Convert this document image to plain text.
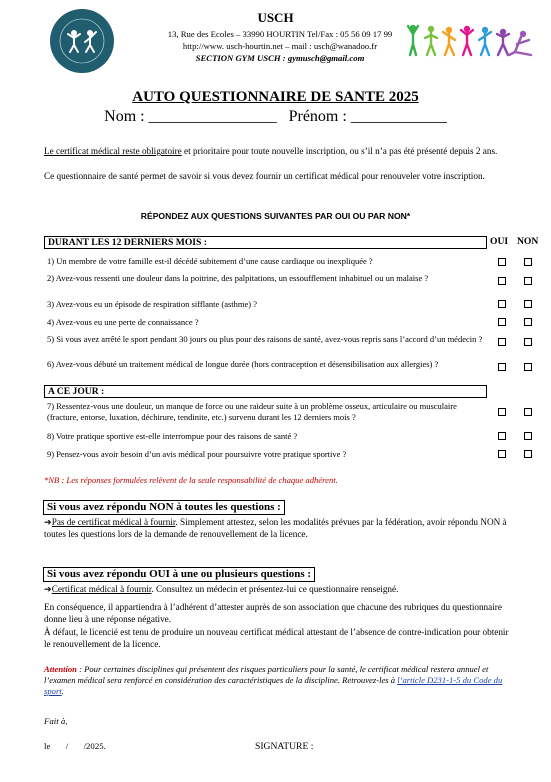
USCH
13, Rue des Ecoles – 33990 HOURTIN Tel/Fax : 05 56 09 17 99
http://www. usch-hourtin.net – mail : usch@wanadoo.fr
SECTION GYM USCH : gymusch@gmail.com
AUTO QUESTIONNAIRE DE SANTE 2025
Nom : ________________   Prénom : ____________
Le certificat médical reste obligatoire et prioritaire pour toute nouvelle inscription, ou s’il n’a pas été présenté depuis 2 ans.
Ce questionnaire de santé permet de savoir si vous devez fournir un certificat médical pour renouveler votre inscription.
RÉPONDEZ AUX QUESTIONS SUIVANTES PAR OUI OU PAR NON*
OUI NON
DURANT LES 12 DERNIERS MOIS :
1) Un membre de votre famille est-il décédé subitement d’une cause cardiaque ou inexpliquée ?
2) Avez-vous ressenti une douleur dans la poitrine, des palpitations, un essoufflement inhabituel ou un malaise ?
3) Avez-vous eu un épisode de respiration sifflante (asthme) ?
4) Avez-vous eu une perte de connaissance ?
5) Si vous avez arrêté le sport pendant 30 jours ou plus pour des raisons de santé, avez-vous repris sans l’accord d’un médecin ?
6) Avez-vous débuté un traitement médical de longue durée (hors contraception et désensibilisation aux allergies) ?
A CE JOUR :
7) Ressentez-vous une douleur, un manque de force ou une raideur suite à un problème osseux, articulaire ou musculaire (fracture, entorse, luxation, déchirure, tendinite, etc.) survenu durant les 12 derniers mois ?
8) Votre pratique sportive est-elle interrompue pour des raisons de santé ?
9) Pensez-vous avoir besoin d’un avis médical pour poursuivre votre pratique sportive ?
*NB : Les réponses formulées relèvent de la seule responsabilité de chaque adhérent.
Si vous avez répondu NON à toutes les questions :
➔Pas de certificat médical à fournir. Simplement attestez, selon les modalités prévues par la fédération, avoir répondu NON à toutes les questions lors de la demande de renouvellement de la licence.
Si vous avez répondu OUI à une ou plusieurs questions :
➔Certificat médical à fournir. Consultez un médecin et présentez-lui ce questionnaire renseigné.
En conséquence, il appartiendra à l’adhérent d’attester auprès de son association que chacune des rubriques du questionnaire donne lieu à une réponse négative.
À défaut, le licencié est tenu de produire un nouveau certificat médical attestant de l’absence de contre-indication pour obtenir le renouvellement de la licence.
Attention : Pour certaines disciplines qui présentent des risques particuliers pour la santé, le certificat médical restera annuel et l’examen médical sera renforcé en considération des caractéristiques de la discipline. Retrouvez-les à l’article D231-1-5 du Code du sport.
Fait à,
le       /       /2025.	SIGNATURE :
